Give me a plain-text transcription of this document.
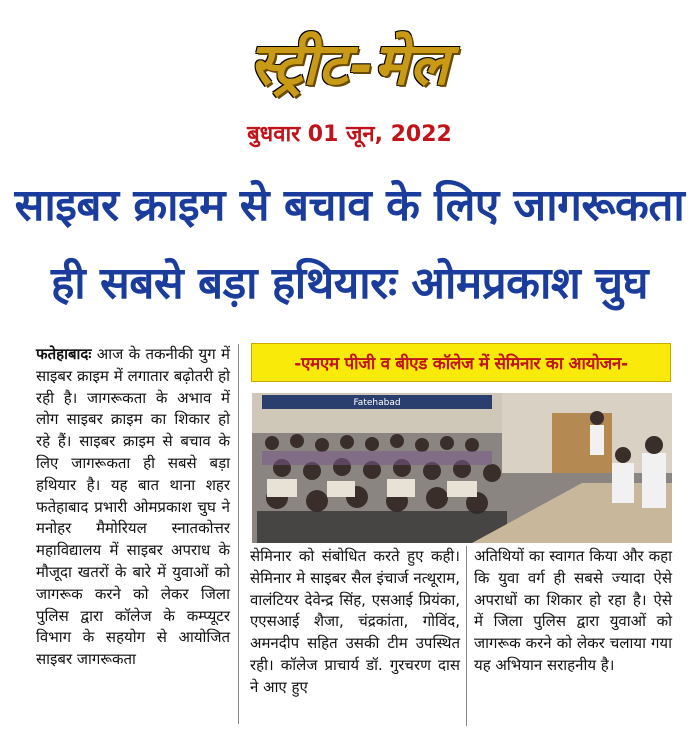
स्ट्रीट-मेल
बुधवार 01 जून, 2022
साइबर क्राइम से बचाव के लिए जागरूकता
ही सबसे बड़ा हथियारः ओमप्रकाश चुघ
फतेहाबादः आज के तकनीकी युग में साइबर क्राइम में लगातार बढ़ोतरी हो रही है। जागरूकता के अभाव में लोग साइबर क्राइम का शिकार हो रहे हैं। साइबर क्राइम से बचाव के लिए जागरूकता ही सबसे बड़ा हथियार है। यह बात थाना शहर फतेहाबाद प्रभारी ओमप्रकाश चुघ ने मनोहर मैमोरियल स्नातकोत्तर महाविद्यालय में साइबर अपराध के मौजूदा खतरों के बारे में युवाओं को जागरूक करने को लेकर जिला पुलिस द्वारा कॉलेज के कम्प्यूटर विभाग के सहयोग से आयोजित साइबर जागरूकता
-एमएम पीजी व बीएड कॉलेज में सेमिनार का आयोजन-
Fatehabad
सेमिनार को संबोधित करते हुए कही। सेमिनार मे साइबर सैल इंचार्ज नत्थूराम, वालंटियर देवेन्द्र सिंह, एसआई प्रियंका, एएसआई शैजा, चंद्रकांता, गोविंद, अमनदीप सहित उसकी टीम उपस्थित रही। कॉलेज प्राचार्य डॉ. गुरचरण दास ने आए हुए
अतिथियों का स्वागत किया और कहा कि युवा वर्ग ही सबसे ज्यादा ऐसे अपराधों का शिकार हो रहा है। ऐसे में जिला पुलिस द्वारा युवाओं को जागरूक करने को लेकर चलाया गया यह अभियान सराहनीय है।
